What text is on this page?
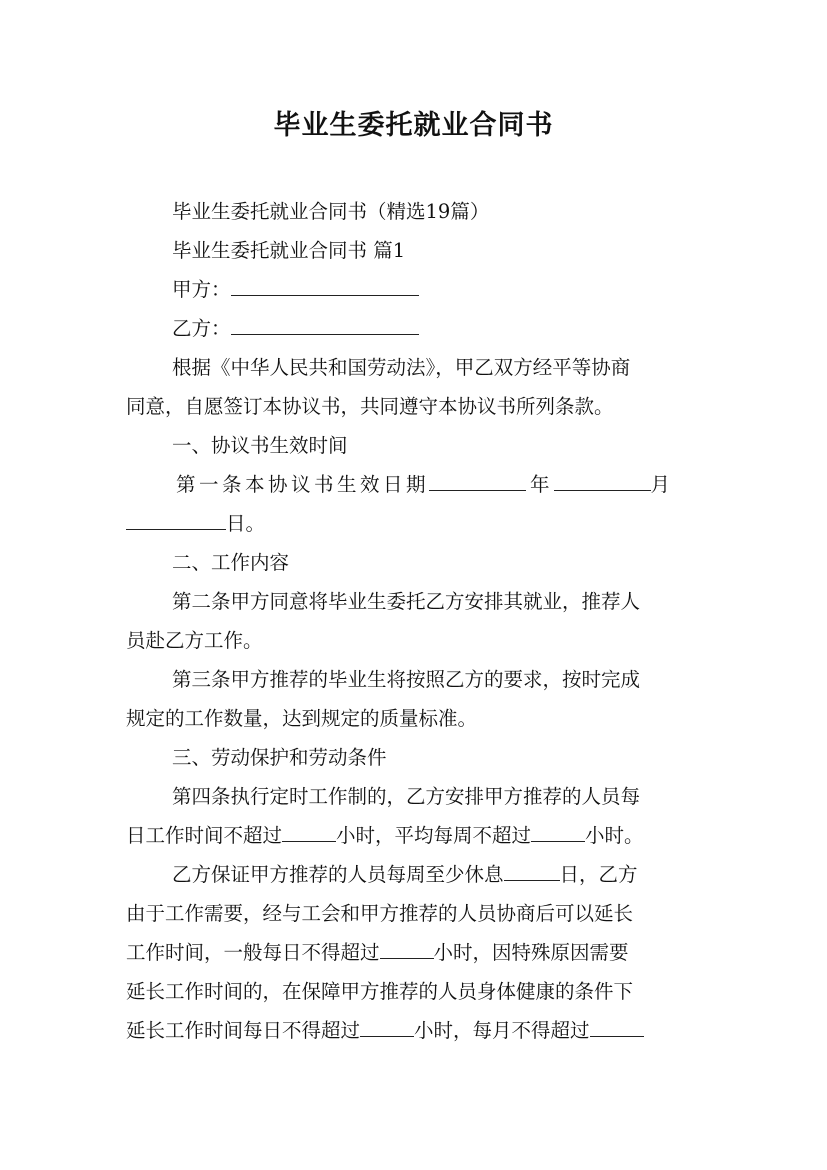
毕业生委托就业合同书
毕业生委托就业合同书（精选19篇）
毕业生委托就业合同书 篇1
甲方：
乙方：
根据《中华人民共和国劳动法》，甲乙双方经平等协商
同意，自愿签订本协议书，共同遵守本协议书所列条款。
一、协议书生效时间
第一条本协议书生效日期	年	月
日。
二、工作内容
第二条甲方同意将毕业生委托乙方安排其就业，推荐人
员赴乙方工作。
第三条甲方推荐的毕业生将按照乙方的要求，按时完成
规定的工作数量，达到规定的质量标准。
三、劳动保护和劳动条件
第四条执行定时工作制的，乙方安排甲方推荐的人员每
日工作时间不超过	小时，平均每周不超过	小时。
乙方保证甲方推荐的人员每周至少休息	日，乙方
由于工作需要，经与工会和甲方推荐的人员协商后可以延长
工作时间，一般每日不得超过	小时，因特殊原因需要
延长工作时间的，在保障甲方推荐的人员身体健康的条件下
延长工作时间每日不得超过	小时，每月不得超过
